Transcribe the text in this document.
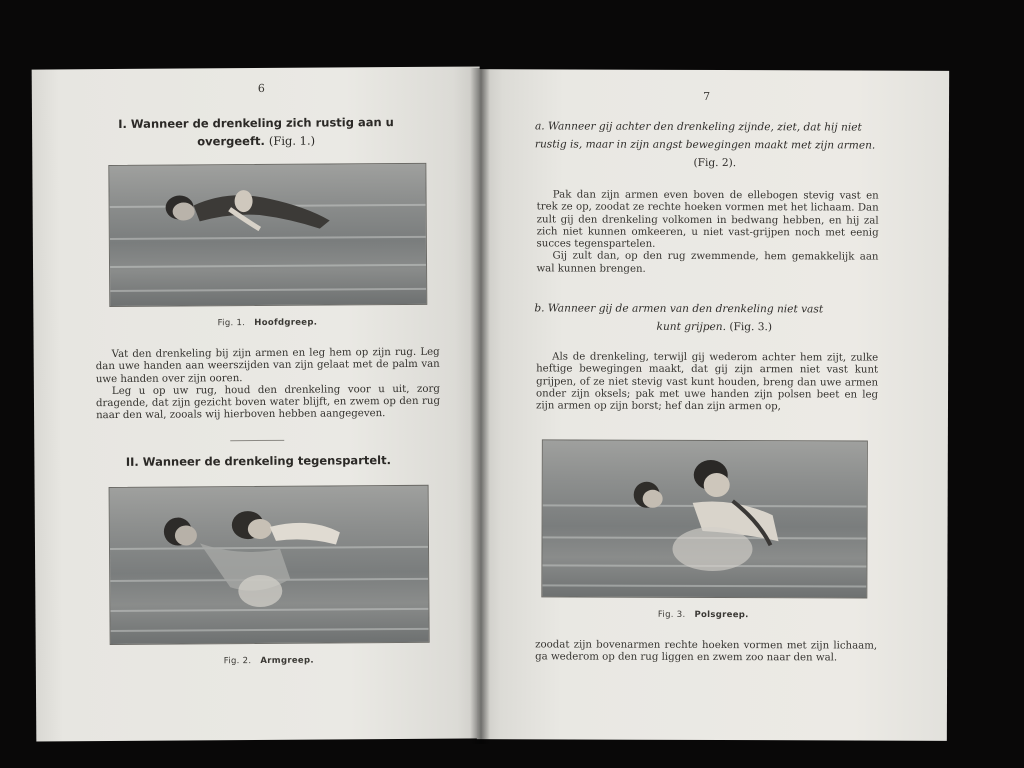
6
I. Wanneer de drenkeling zich rustig aan u
overgeeft. (Fig. 1.)
Fig. 1. Hoofdgreep.

Vat den drenkeling bij zijn armen en leg hem op zijn rug. Leg dan uwe handen aan weerszijden van zijn gelaat met de palm van uwe handen over zijn ooren.

Leg u op uw rug, houd den drenkeling voor u uit, zorg dragende, dat zijn gezicht boven water blijft, en zwem op den rug naar den wal, zooals wij hierboven hebben aangegeven.

II. Wanneer de drenkeling tegenspartelt.
Fig. 2. Armgreep.
7
a. Wanneer gij achter den drenkeling zijnde, ziet, dat hij niet
rustig is, maar in zijn angst bewegingen maakt met zijn armen.
(Fig. 2).

Pak dan zijn armen even boven de ellebogen stevig vast en trek ze op, zoodat ze rechte hoeken vormen met het lichaam. Dan zult gij den drenkeling volkomen in bedwang hebben, en hij zal zich niet kunnen omkeeren, u niet vast-grijpen noch met eenig succes tegenspartelen.

Gij zult dan, op den rug zwemmende, hem gemakkelijk aan wal kunnen brengen.

b. Wanneer gij de armen van den drenkeling niet vast
kunt grijpen. (Fig. 3.)

Als de drenkeling, terwijl gij wederom achter hem zijt, zulke heftige bewegingen maakt, dat gij zijn armen niet vast kunt grijpen, of ze niet stevig vast kunt houden, breng dan uwe armen onder zijn oksels; pak met uwe handen zijn polsen beet en leg zijn armen op zijn borst; hef dan zijn armen op,

Fig. 3. Polsgreep.

zoodat zijn bovenarmen rechte hoeken vormen met zijn lichaam, ga wederom op den rug liggen en zwem zoo naar den wal.
